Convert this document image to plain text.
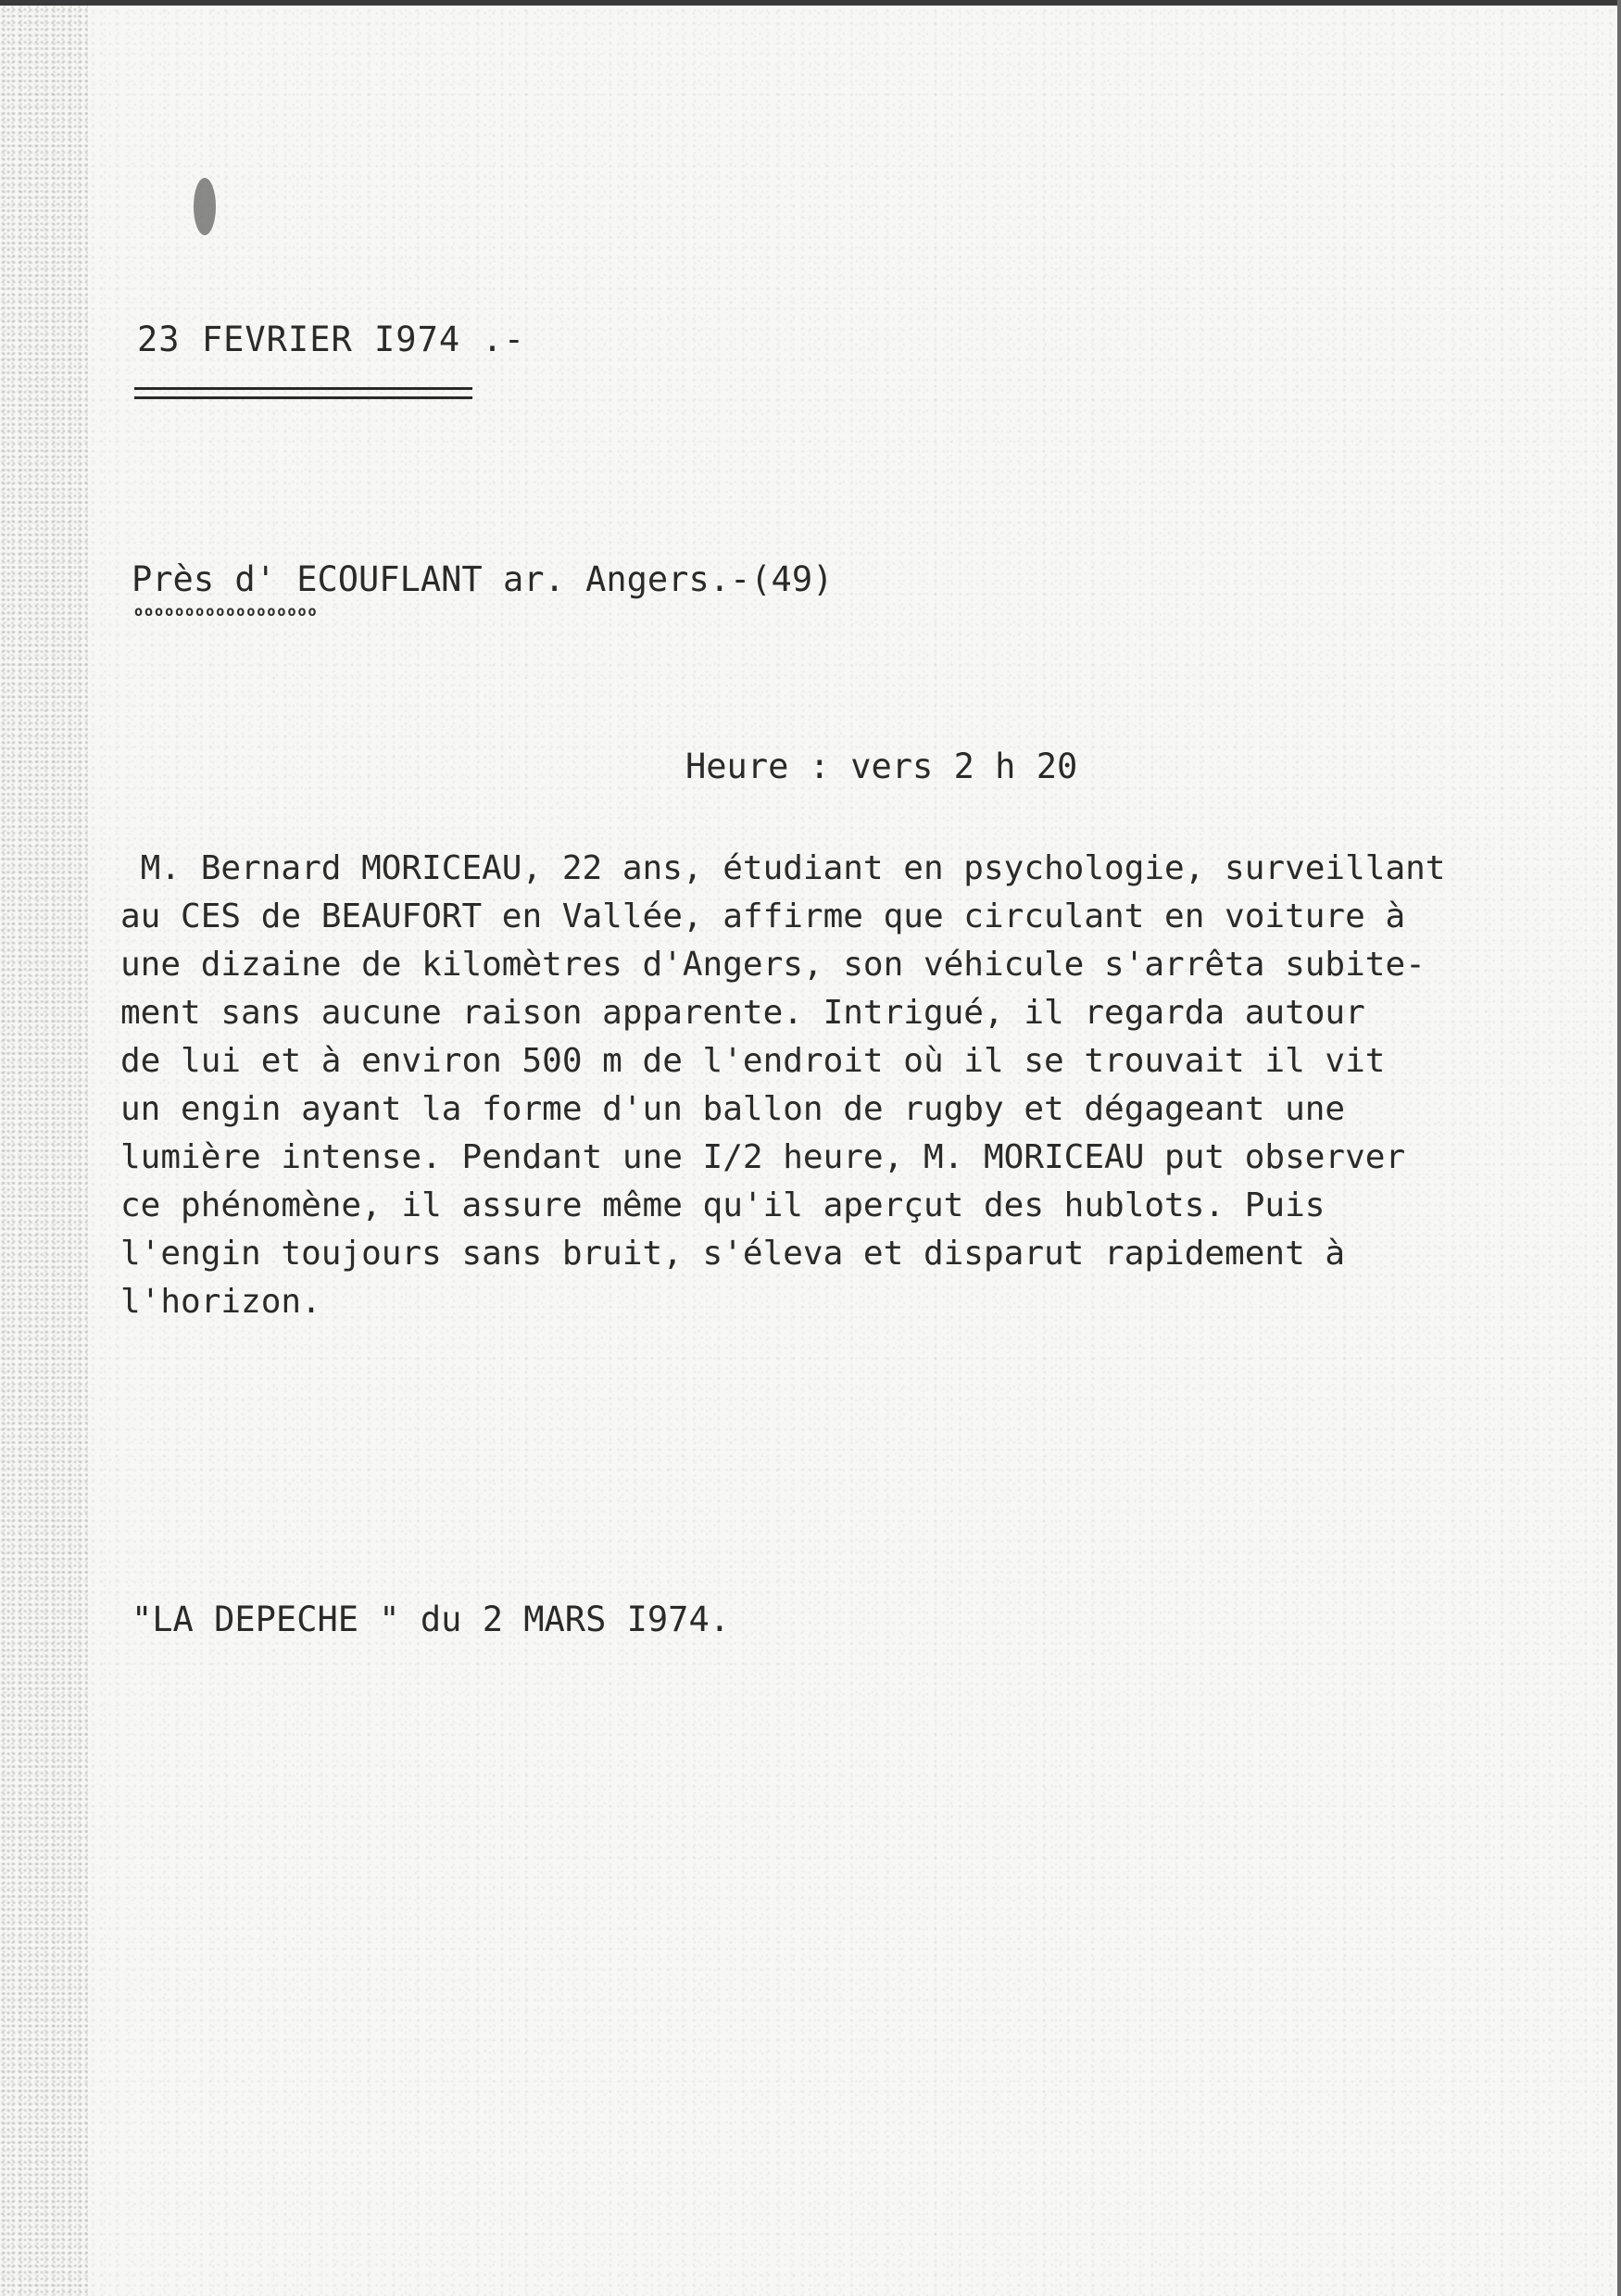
23 FEVRIER I974 .-
Près d' ECOUFLANT ar. Angers.-(49)
oooooooooooooooooo
Heure : vers 2 h 20
M. Bernard MORICEAU, 22 ans, étudiant en psychologie, surveillant
au CES de BEAUFORT en Vallée, affirme que circulant en voiture à
une dizaine de kilomètres d'Angers, son véhicule s'arrêta subite-
ment sans aucune raison apparente. Intrigué, il regarda autour
de lui et à environ 500 m de l'endroit où il se trouvait il vit
un engin ayant la forme d'un ballon de rugby et dégageant une
lumière intense. Pendant une I/2 heure, M. MORICEAU put observer
ce phénomène, il assure même qu'il aperçut des hublots. Puis
l'engin toujours sans bruit, s'éleva et disparut rapidement à
l'horizon.
"LA DEPECHE " du 2 MARS I974.
